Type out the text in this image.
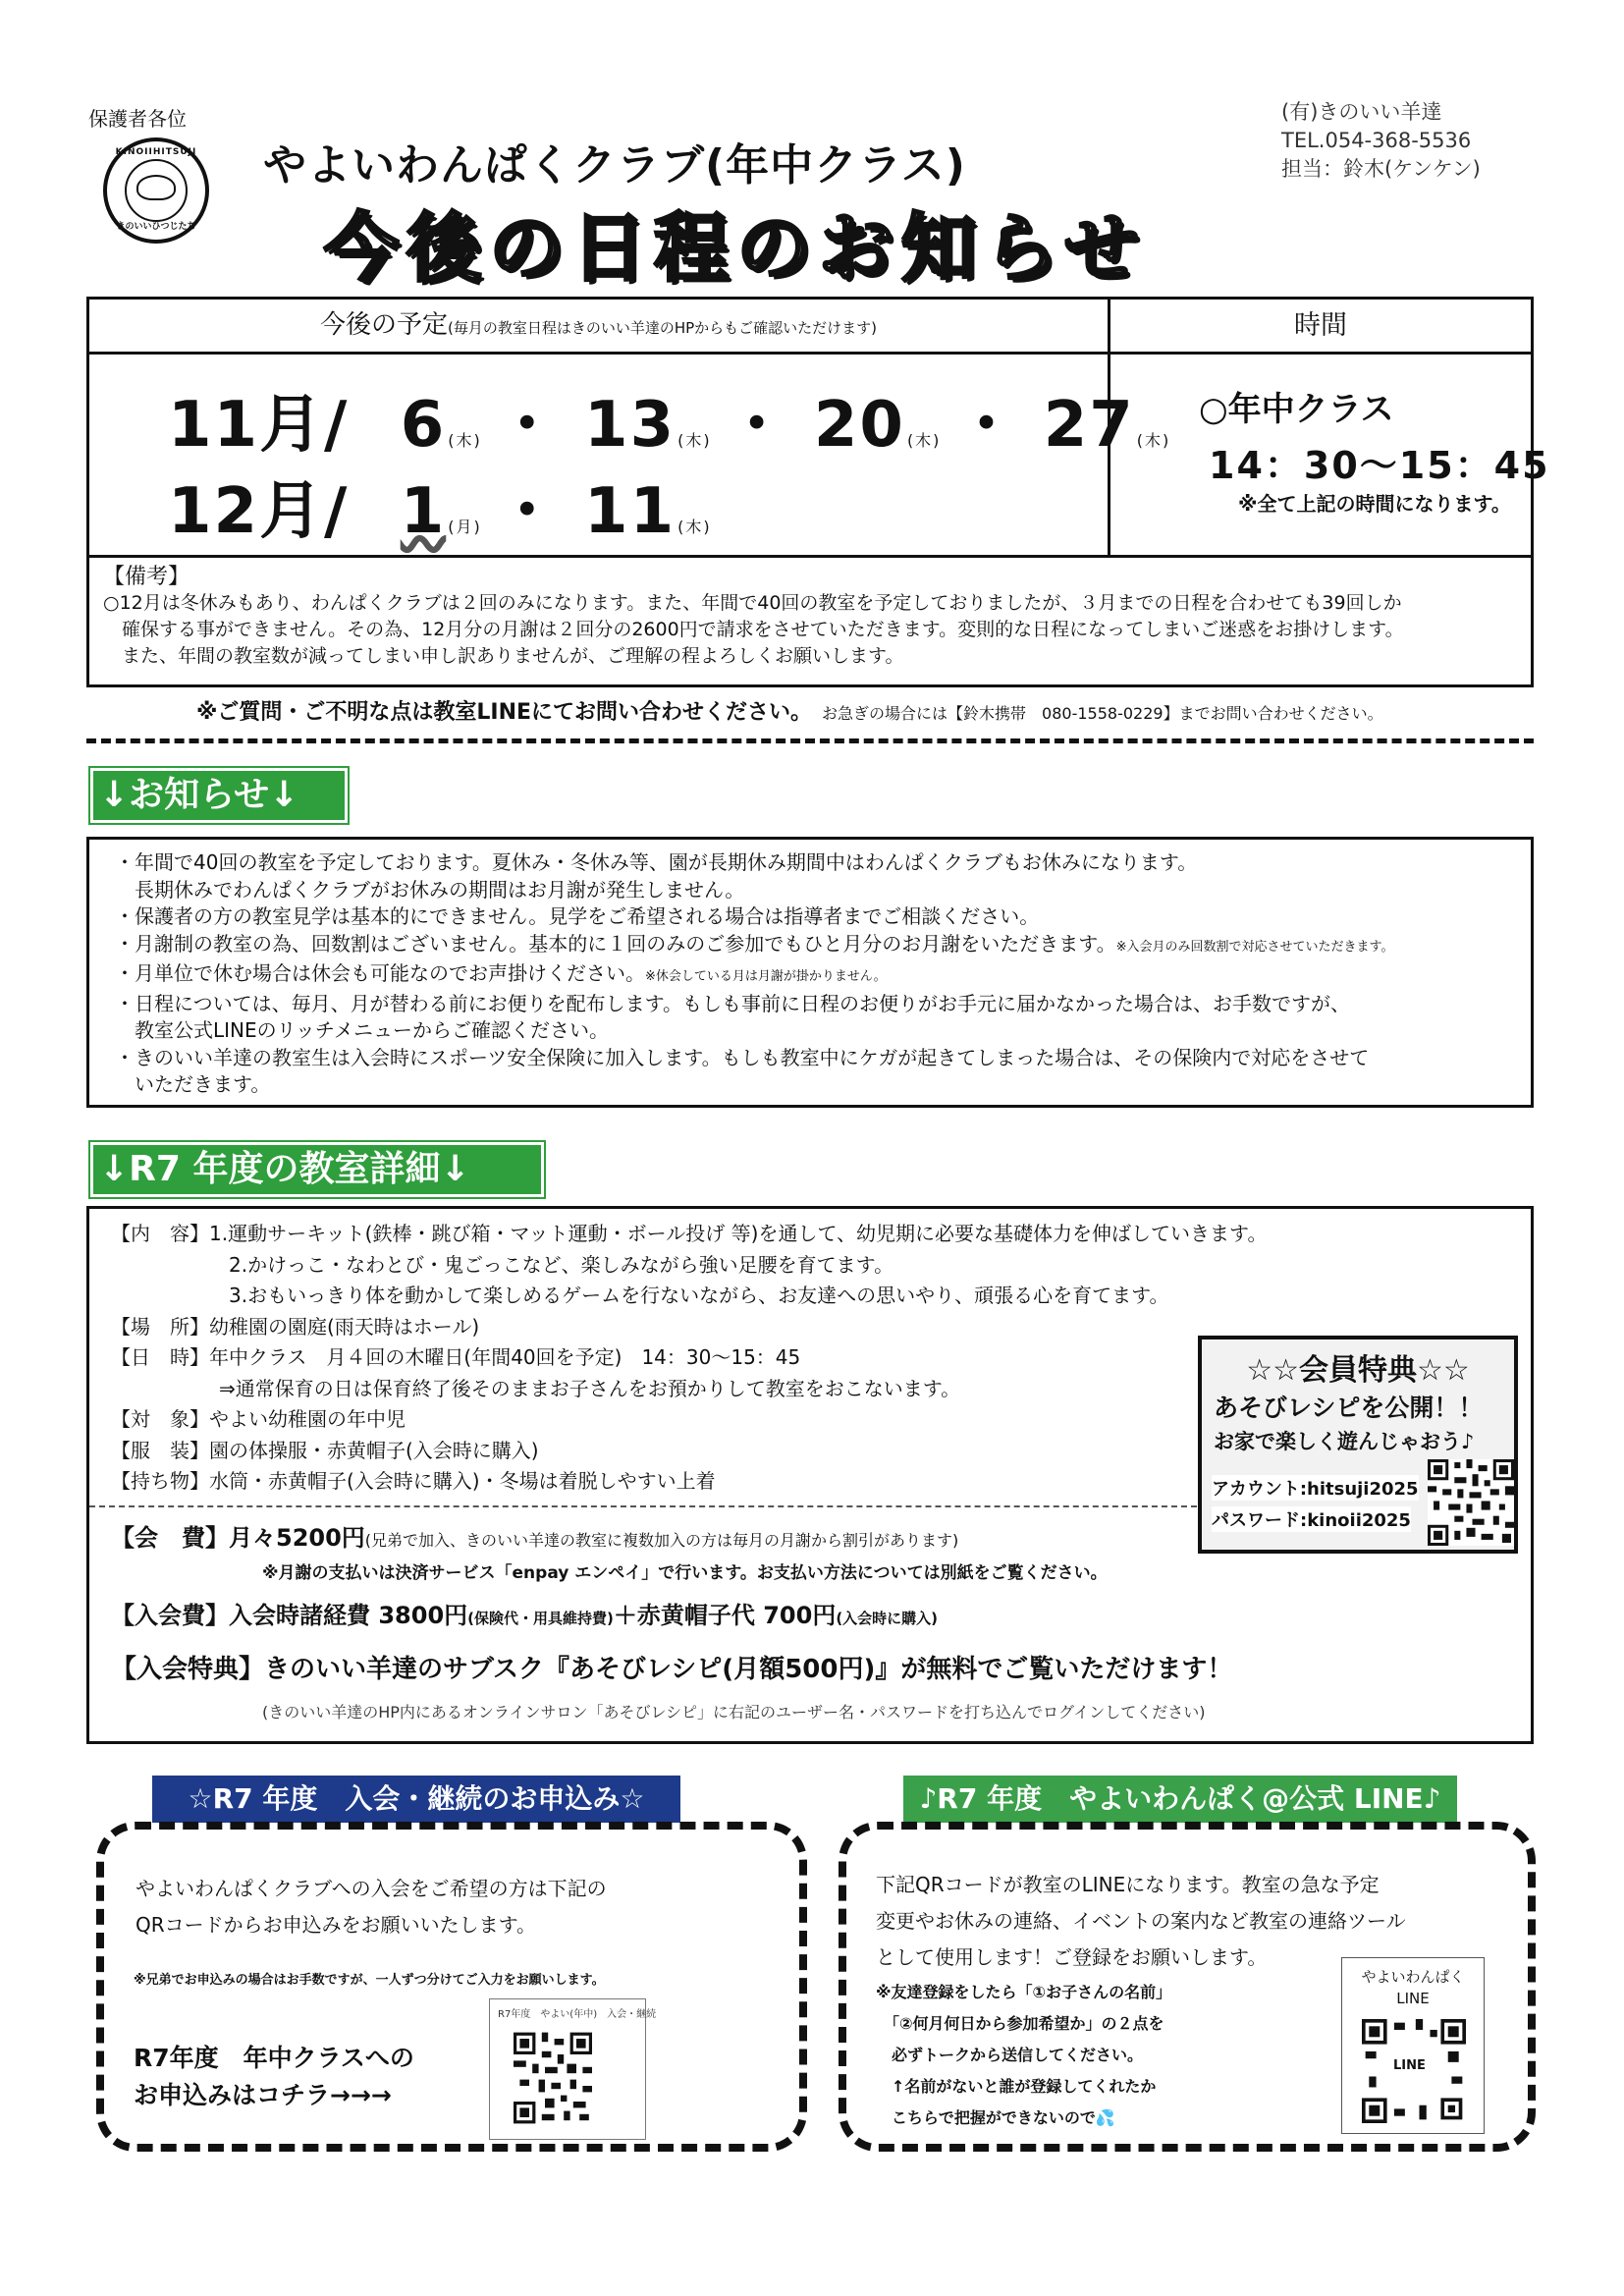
保護者各位
KINOIIHITSUJI
きのいいひつじたち
やよいわんぱくクラブ(年中クラス)
今後の日程のお知らせ
(有)きのいい羊達
TEL.054-368-5536
担当：鈴木(ケンケン)
今後の予定(毎月の教室日程はきのいい羊達のHPからもご確認いただけます)	時間
11月/ 6 (木) ・ 13 (木) ・ 20 (木) ・ 27 (木)
12月/ 1 (月) ・ 11 (木)
○年中クラス
14：30〜15：45
※全て上記の時間になります。
【備考】
○12月は冬休みもあり、わんぱくクラブは２回のみになります。また、年間で40回の教室を予定しておりましたが、３月までの日程を合わせても39回しか
　確保する事ができません。その為、12月分の月謝は２回分の2600円で請求をさせていただきます。変則的な日程になってしまいご迷惑をお掛けします。
　また、年間の教室数が減ってしまい申し訳ありませんが、ご理解の程よろしくお願いします。
※ご質問・ご不明な点は教室LINEにてお問い合わせください。 お急ぎの場合には【鈴木携帯　080-1558-0229】までお問い合わせください。
↓お知らせ↓
・年間で40回の教室を予定しております。夏休み・冬休み等、園が長期休み期間中はわんぱくクラブもお休みになります。
　長期休みでわんぱくクラブがお休みの期間はお月謝が発生しません。
・保護者の方の教室見学は基本的にできません。見学をご希望される場合は指導者までご相談ください。
・月謝制の教室の為、回数割はございません。基本的に１回のみのご参加でもひと月分のお月謝をいただきます。※入会月のみ回数割で対応させていただきます。
・月単位で休む場合は休会も可能なのでお声掛けください。※休会している月は月謝が掛かりません。
・日程については、毎月、月が替わる前にお便りを配布します。もしも事前に日程のお便りがお手元に届かなかった場合は、お手数ですが、
　教室公式LINEのリッチメニューからご確認ください。
・きのいい羊達の教室生は入会時にスポーツ安全保険に加入します。もしも教室中にケガが起きてしまった場合は、その保険内で対応をさせて
　いただきます。
↓R7 年度の教室詳細↓
【内　容】1.運動サーキット(鉄棒・跳び箱・マット運動・ボール投げ 等)を通して、幼児期に必要な基礎体力を伸ばしていきます。
2.かけっこ・なわとび・鬼ごっこなど、楽しみながら強い足腰を育てます。
3.おもいっきり体を動かして楽しめるゲームを行ないながら、お友達への思いやり、頑張る心を育てます。
【場　所】幼稚園の園庭(雨天時はホール)
【日　時】年中クラス　月４回の木曜日(年間40回を予定)　14：30〜15：45
⇒通常保育の日は保育終了後そのままお子さんをお預かりして教室をおこないます。
【対　象】やよい幼稚園の年中児
【服　装】園の体操服・赤黄帽子(入会時に購入)
【持ち物】水筒・赤黄帽子(入会時に購入)・冬場は着脱しやすい上着
【会　費】月々5200円(兄弟で加入、きのいい羊達の教室に複数加入の方は毎月の月謝から割引があります)
※月謝の支払いは決済サービス「enpay エンペイ」で行います。お支払い方法については別紙をご覧ください。
【入会費】入会時諸経費 3800円(保険代・用具維持費)＋赤黄帽子代 700円(入会時に購入)
【入会特典】きのいい羊達のサブスク『あそびレシピ(月額500円)』が無料でご覧いただけます！
(きのいい羊達のHP内にあるオンラインサロン「あそびレシピ」に右記のユーザー名・パスワードを打ち込んでログインしてください)
☆☆会員特典☆☆
あそびレシピを公開！！
お家で楽しく遊んじゃおう♪
アカウント:hitsuji2025
パスワード:kinoii2025
☆R7 年度　入会・継続のお申込み☆
やよいわんぱくクラブへの入会をご希望の方は下記の
QRコードからお申込みをお願いいたします。
※兄弟でお申込みの場合はお手数ですが、一人ずつ分けてご入力をお願いします。
R7年度　年中クラスへの
お申込みはコチラ→→→
R7年度　やよい(年中)　入会・継続
♪R7 年度　やよいわんぱく@公式 LINE♪
下記QRコードが教室のLINEになります。教室の急な予定
変更やお休みの連絡、イベントの案内など教室の連絡ツール
として使用します！ご登録をお願いします。
※友達登録をしたら「①お子さんの名前」
　「②何月何日から参加希望か」の２点を
　必ずトークから送信してください。
　↑名前がないと誰が登録してくれたか
　こちらで把握ができないので💦
やよいわんぱく
LINE
LINE
